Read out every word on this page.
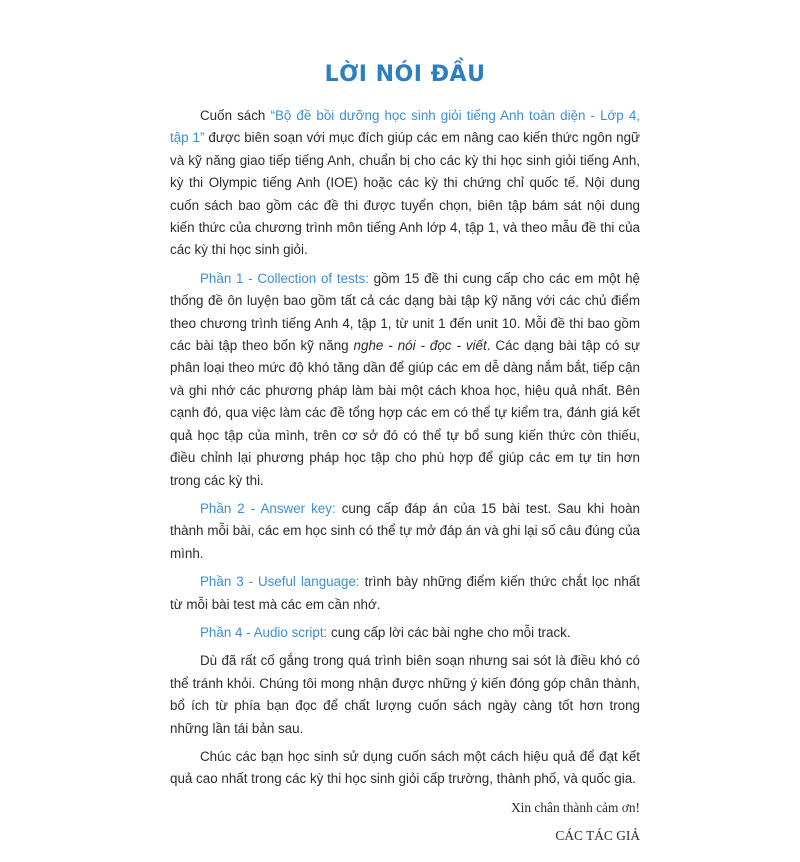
LỜI NÓI ĐẦU

Cuốn sách “Bộ đề bồi dưỡng học sinh giỏi tiếng Anh toàn diện - Lớp 4, tập 1” được biên soạn với mục đích giúp các em nâng cao kiến thức ngôn ngữ và kỹ năng giao tiếp tiếng Anh, chuẩn bị cho các kỳ thi học sinh giỏi tiếng Anh, kỳ thi Olympic tiếng Anh (IOE) hoặc các kỳ thi chứng chỉ quốc tế. Nội dung cuốn sách bao gồm các đề thi được tuyển chọn, biên tập bám sát nội dung kiến thức của chương trình môn tiếng Anh lớp 4, tập 1, và theo mẫu đề thi của các kỳ thi học sinh giỏi.

Phần 1 - Collection of tests: gồm 15 đề thi cung cấp cho các em một hệ thống đề ôn luyện bao gồm tất cả các dạng bài tập kỹ năng với các chủ điểm theo chương trình tiếng Anh 4, tập 1, từ unit 1 đến unit 10. Mỗi đề thi bao gồm các bài tập theo bốn kỹ năng nghe - nói - đọc - viết. Các dạng bài tập có sự phân loại theo mức độ khó tăng dần để giúp các em dễ dàng nắm bắt, tiếp cận và ghi nhớ các phương pháp làm bài một cách khoa học, hiệu quả nhất. Bên cạnh đó, qua việc làm các đề tổng hợp các em có thể tự kiểm tra, đánh giá kết quả học tập của mình, trên cơ sở đó có thể tự bổ sung kiến thức còn thiếu, điều chỉnh lại phương pháp học tập cho phù hợp để giúp các em tự tin hơn trong các kỳ thi.

Phần 2 - Answer key: cung cấp đáp án của 15 bài test. Sau khi hoàn thành mỗi bài, các em học sinh có thể tự mở đáp án và ghi lại số câu đúng của mình.

Phần 3 - Useful language: trình bày những điểm kiến thức chắt lọc nhất từ mỗi bài test mà các em cần nhớ.

Phần 4 - Audio script: cung cấp lời các bài nghe cho mỗi track.

Dù đã rất cố gắng trong quá trình biên soạn nhưng sai sót là điều khó có thể tránh khỏi. Chúng tôi mong nhận được những ý kiến đóng góp chân thành, bổ ích từ phía bạn đọc để chất lượng cuốn sách ngày càng tốt hơn trong những lần tái bản sau.

Chúc các bạn học sinh sử dụng cuốn sách một cách hiệu quả để đạt kết quả cao nhất trong các kỳ thi học sinh giỏi cấp trường, thành phố, và quốc gia.

Xin chân thành cảm ơn!
CÁC TÁC GIẢ
